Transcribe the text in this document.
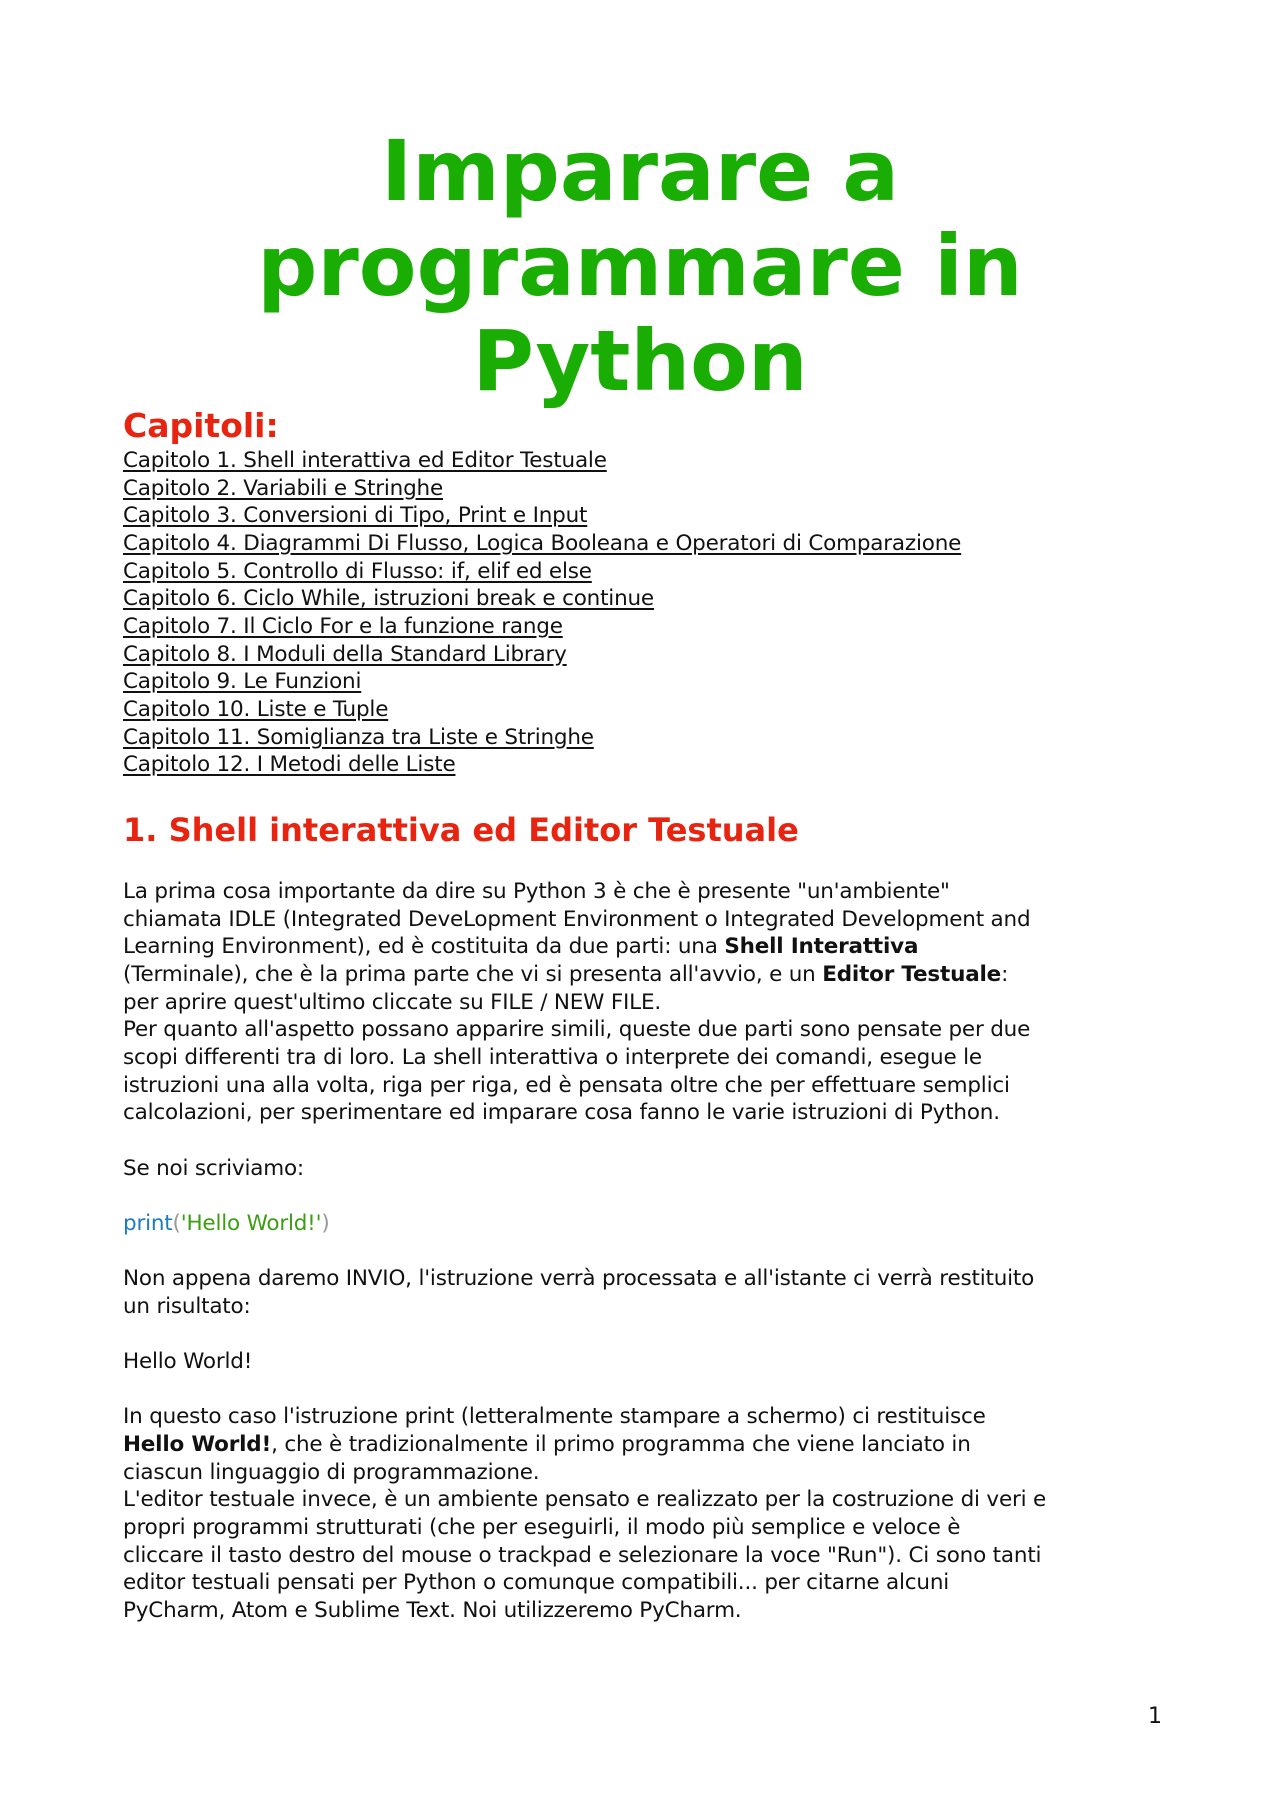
Imparare a
programmare in
Python
Capitoli:
Capitolo 1. Shell interattiva ed Editor Testuale
Capitolo 2. Variabili e Stringhe
Capitolo 3. Conversioni di Tipo, Print e Input
Capitolo 4. Diagrammi Di Flusso, Logica Booleana e Operatori di Comparazione
Capitolo 5. Controllo di Flusso: if, elif ed else
Capitolo 6. Ciclo While, istruzioni break e continue
Capitolo 7. Il Ciclo For e la funzione range
Capitolo 8. I Moduli della Standard Library
Capitolo 9. Le Funzioni
Capitolo 10. Liste e Tuple
Capitolo 11. Somiglianza tra Liste e Stringhe
Capitolo 12. I Metodi delle Liste
1. Shell interattiva ed Editor Testuale
La prima cosa importante da dire su Python 3 è che è presente "un'ambiente"
chiamata IDLE (Integrated DeveLopment Environment o Integrated Development and
Learning Environment), ed è costituita da due parti: una Shell Interattiva
(Terminale), che è la prima parte che vi si presenta all'avvio, e un Editor Testuale:
per aprire quest'ultimo cliccate su FILE / NEW FILE.
Per quanto all'aspetto possano apparire simili, queste due parti sono pensate per due
scopi differenti tra di loro. La shell interattiva o interprete dei comandi, esegue le
istruzioni una alla volta, riga per riga, ed è pensata oltre che per effettuare semplici
calcolazioni, per sperimentare ed imparare cosa fanno le varie istruzioni di Python.
Se noi scriviamo:
print('Hello World!')
Non appena daremo INVIO, l'istruzione verrà processata e all'istante ci verrà restituito
un risultato:
Hello World!
In questo caso l'istruzione print (letteralmente stampare a schermo) ci restituisce
Hello World!, che è tradizionalmente il primo programma che viene lanciato in
ciascun linguaggio di programmazione.
L'editor testuale invece, è un ambiente pensato e realizzato per la costruzione di veri e
propri programmi strutturati (che per eseguirli, il modo più semplice e veloce è
cliccare il tasto destro del mouse o trackpad e selezionare la voce "Run"). Ci sono tanti
editor testuali pensati per Python o comunque compatibili... per citarne alcuni
PyCharm, Atom e Sublime Text. Noi utilizzeremo PyCharm.
1
